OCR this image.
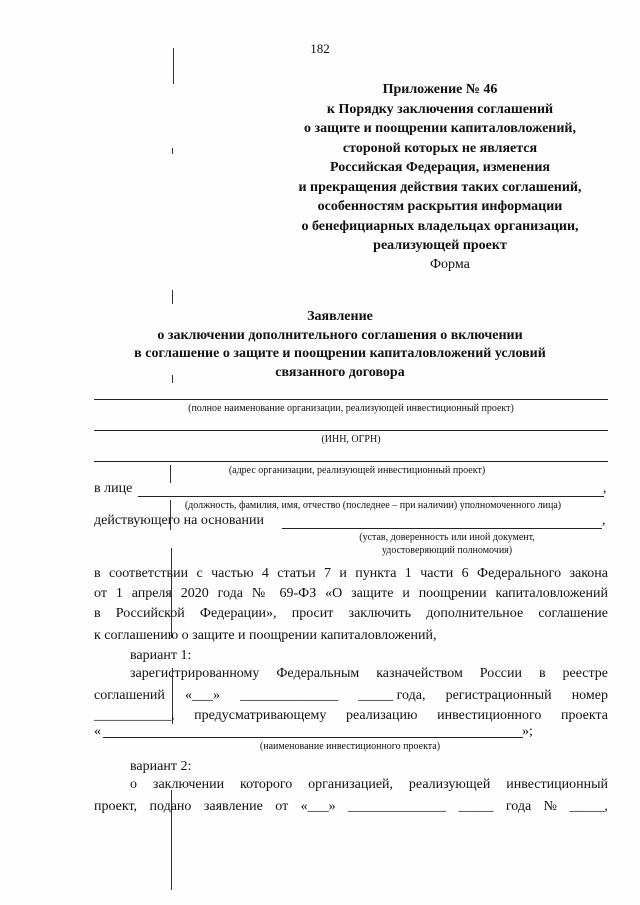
182
Приложение № 46
к Порядку заключения соглашений
о защите и поощрении капиталовложений,
стороной которых не является
Российская Федерация, изменения
и прекращения действия таких соглашений,
особенностям раскрытия информации
о бенефициарных владельцах организации,
реализующей проект
Форма
Заявление
о заключении дополнительного соглашения о включении
в соглашение о защите и поощрении капиталовложений условий
связанного договора
(полное наименование организации, реализующей инвестиционный проект)
(ИНН, ОГРН)
(адрес организации, реализующей инвестиционный проект)
в лице	,
(должность, фамилия, имя, отчество (последнее – при наличии) уполномоченного лица)
действующего на основании	,
(устав, доверенность или иной документ,
удостоверяющий полномочия)
в соответствии с частью 4 статьи 7 и пункта 1 части 6 Федерального закона
от 1 апреля 2020 года № 69-ФЗ «О защите и поощрении капиталовложений
в Российской Федерации», просит заключить дополнительное соглашение
к соглашению о защите и поощрении капиталовложений,
вариант 1:
зарегистрированному Федеральным казначейством России в реестре
соглашений «___» ______________ _____ года, регистрационный номер
___________, предусматривающему реализацию инвестиционного проекта
«	»;
(наименование инвестиционного проекта)
вариант 2:
о заключении которого организацией, реализующей инвестиционный
проект, подано заявление от «___» ______________ _____ года № _____,
